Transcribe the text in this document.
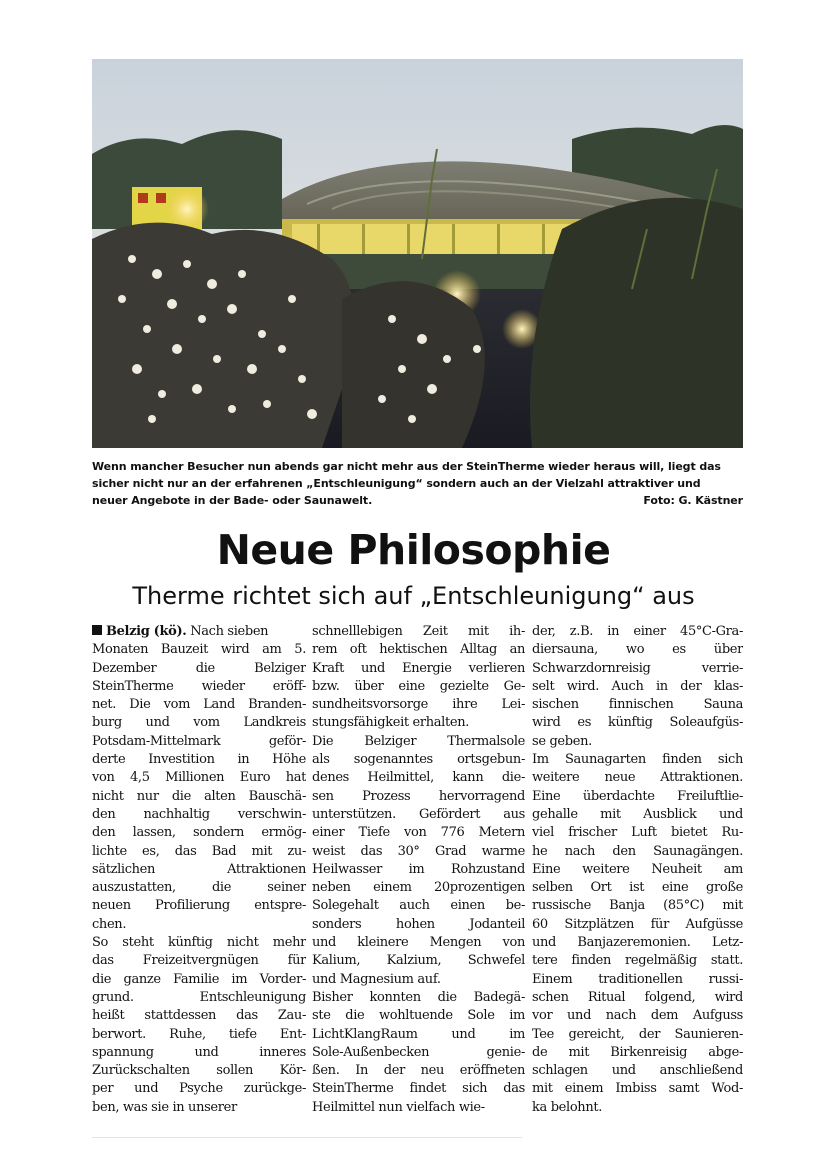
Wenn mancher Besucher nun abends gar nicht mehr aus der SteinTherme wieder heraus will, liegt das
sicher nicht nur an der erfahrenen „Entschleunigung“ sondern auch an der Vielzahl attraktiver und
neuer Angebote in der Bade- oder Saunawelt.	Foto: G. Kästner
Neue Philosophie
Therme richtet sich auf „Entschleunigung“ aus
Belzig (kö). Nach sieben
Monaten Bauzeit wird am 5.
Dezember die Belziger
SteinTherme wieder eröff-
net. Die vom Land Branden-
burg und vom Landkreis
Potsdam-Mittelmark geför-
derte Investition in Höhe
von 4,5 Millionen Euro hat
nicht nur die alten Bauschä-
den nachhaltig verschwin-
den lassen, sondern ermög-
lichte es, das Bad mit zu-
sätzlichen Attraktionen
auszustatten, die seiner
neuen Profilierung entspre-
chen.
So steht künftig nicht mehr
das Freizeitvergnügen für
die ganze Familie im Vorder-
grund. Entschleunigung
heißt stattdessen das Zau-
berwort. Ruhe, tiefe Ent-
spannung und inneres
Zurückschalten sollen Kör-
per und Psyche zurückge-
ben, was sie in unserer
schnelllebigen Zeit mit ih-
rem oft hektischen Alltag an
Kraft und Energie verlieren
bzw. über eine gezielte Ge-
sundheitsvorsorge ihre Lei-
stungsfähigkeit erhalten.
Die Belziger Thermalsole
als sogenanntes ortsgebun-
denes Heilmittel, kann die-
sen Prozess hervorragend
unterstützen. Gefördert aus
einer Tiefe von 776 Metern
weist das 30° Grad warme
Heilwasser im Rohzustand
neben einem 20prozentigen
Solegehalt auch einen be-
sonders hohen Jodanteil
und kleinere Mengen von
Kalium, Kalzium, Schwefel
und Magnesium auf.
Bisher konnten die Badegä-
ste die wohltuende Sole im
LichtKlangRaum und im
Sole-Außenbecken genie-
ßen. In der neu eröffneten
SteinTherme findet sich das
Heilmittel nun vielfach wie-
der, z.B. in einer 45°C-Gra-
diersauna, wo es über
Schwarzdornreisig verrie-
selt wird. Auch in der klas-
sischen finnischen Sauna
wird es künftig Soleaufgüs-
se geben.
Im Saunagarten finden sich
weitere neue Attraktionen.
Eine überdachte Freiluftlie-
gehalle mit Ausblick und
viel frischer Luft bietet Ru-
he nach den Saunagängen.
Eine weitere Neuheit am
selben Ort ist eine große
russische Banja (85°C) mit
60 Sitzplätzen für Aufgüsse
und Banjazeremonien. Letz-
tere finden regelmäßig statt.
Einem traditionellen russi-
schen Ritual folgend, wird
vor und nach dem Aufguss
Tee gereicht, der Saunieren-
de mit Birkenreisig abge-
schlagen und anschließend
mit einem Imbiss samt Wod-
ka belohnt.
